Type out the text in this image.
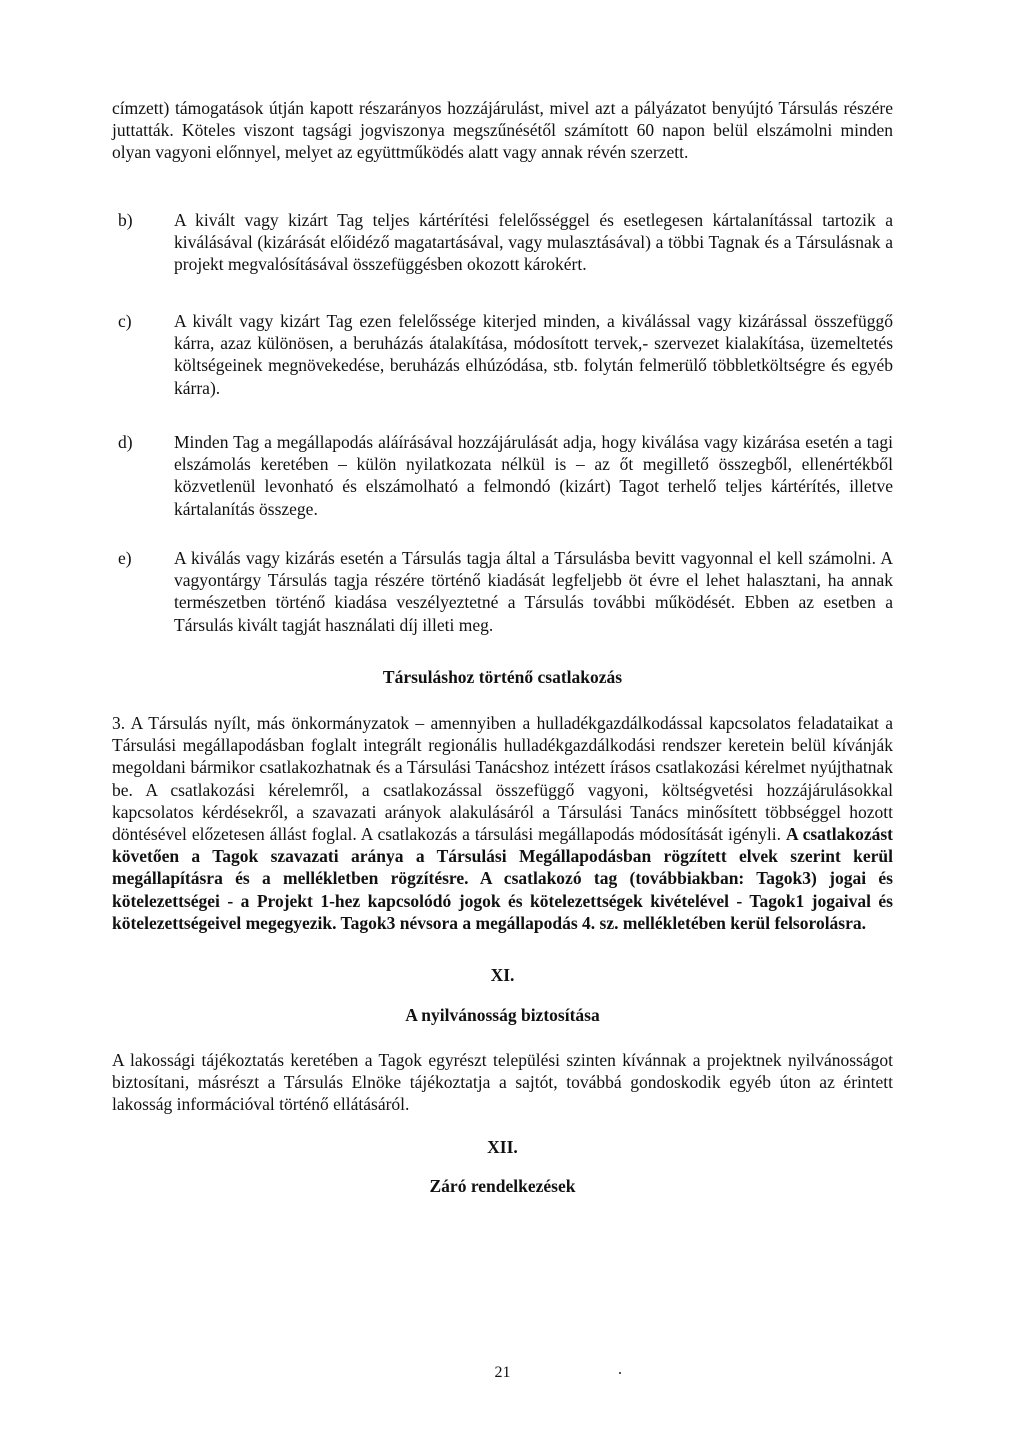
címzett) támogatások útján kapott részarányos hozzájárulást, mivel azt a pályázatot benyújtó Társulás részére juttatták. Köteles viszont tagsági jogviszonya megszűnésétől számított 60 napon belül elszámolni minden olyan vagyoni előnnyel, melyet az együttműködés alatt vagy annak révén szerzett.

b) A kivált vagy kizárt Tag teljes kártérítési felelősséggel és esetlegesen kártalanítással tartozik a kiválásával (kizárását előidéző magatartásával, vagy mulasztásával) a többi Tagnak és a Társulásnak a projekt megvalósításával összefüggésben okozott károkért.
c) A kivált vagy kizárt Tag ezen felelőssége kiterjed minden, a kiválással vagy kizárással összefüggő kárra, azaz különösen, a beruházás átalakítása, módosított tervek,- szervezet kialakítása, üzemeltetés költségeinek megnövekedése, beruházás elhúzódása, stb. folytán felmerülő többletköltségre és egyéb kárra).
d) Minden Tag a megállapodás aláírásával hozzájárulását adja, hogy kiválása vagy kizárása esetén a tagi elszámolás keretében – külön nyilatkozata nélkül is – az őt megillető összegből, ellenértékből közvetlenül levonható és elszámolható a felmondó (kizárt) Tagot terhelő teljes kártérítés, illetve kártalanítás összege.
e) A kiválás vagy kizárás esetén a Társulás tagja által a Társulásba bevitt vagyonnal el kell számolni. A vagyontárgy Társulás tagja részére történő kiadását legfeljebb öt évre el lehet halasztani, ha annak természetben történő kiadása veszélyeztetné a Társulás további működését. Ebben az esetben a Társulás kivált tagját használati díj illeti meg.

Társuláshoz történő csatlakozás

3. A Társulás nyílt, más önkormányzatok – amennyiben a hulladékgazdálkodással kapcsolatos feladataikat a Társulási megállapodásban foglalt integrált regionális hulladékgazdálkodási rendszer keretein belül kívánják megoldani bármikor csatlakozhatnak és a Társulási Tanácshoz intézett írásos csatlakozási kérelmet nyújthatnak be. A csatlakozási kérelemről, a csatlakozással összefüggő vagyoni, költségvetési hozzájárulásokkal kapcsolatos kérdésekről, a szavazati arányok alakulásáról a Társulási Tanács minősített többséggel hozott döntésével előzetesen állást foglal. A csatlakozás a társulási megállapodás módosítását igényli. A csatlakozást követően a Tagok szavazati aránya a Társulási Megállapodásban rögzített elvek szerint kerül megállapításra és a mellékletben rögzítésre. A csatlakozó tag (továbbiakban: Tagok3) jogai és kötelezettségei - a Projekt 1-hez kapcsolódó jogok és kötelezettségek kivételével - Tagok1 jogaival és kötelezettségeivel megegyezik. Tagok3 névsora a megállapodás 4. sz. mellékletében kerül felsorolásra.

XI.

A nyilvánosság biztosítása

A lakossági tájékoztatás keretében a Tagok egyrészt települési szinten kívánnak a projektnek nyilvánosságot biztosítani, másrészt a Társulás Elnöke tájékoztatja a sajtót, továbbá gondoskodik egyéb úton az érintett lakosság információval történő ellátásáról.

XII.

Záró rendelkezések

21
